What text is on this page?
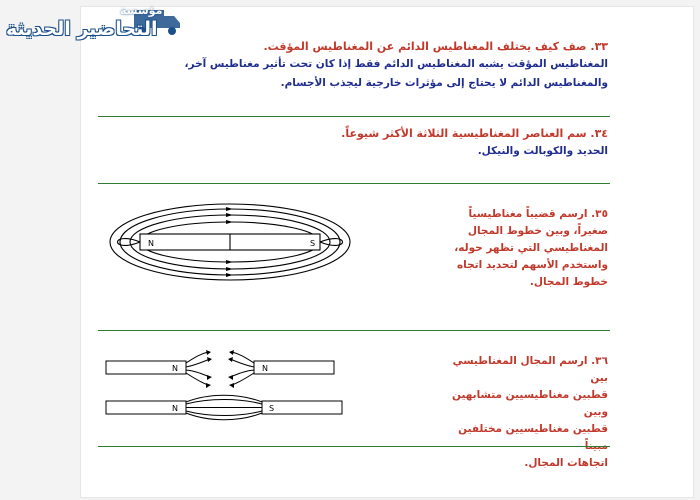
مؤسسة
التحاضير الحديثة
٣٣. صف كيف يختلف المغناطيس الدائم عن المغناطيس المؤقت.
المغناطيس المؤقت يشبه المغناطيس الدائم فقط إذا كان تحت تأثير مغناطيس آخر،
والمغناطيس الدائم لا يحتاج إلى مؤثرات خارجية ليجذب الأجسام.
٣٤. سم العناصر المغناطيسية الثلاثة الأكثر شيوعاً.
الحديد والكوبالت والنيكل.
٣٥. ارسم قضيباً مغناطيسياً
صغيراً، وبين خطوط المجال
المغناطيسي التي تظهر حوله،
واستخدم الأسهم لتحديد اتجاه
خطوط المجال.
N	S
٣٦. ارسم المجال المغناطيسي بين
قطبين مغناطيسيين متشابهين وبين
قطبين مغناطيسيين مختلفين مبيناً
اتجاهات المجال.
N	N
N	S
